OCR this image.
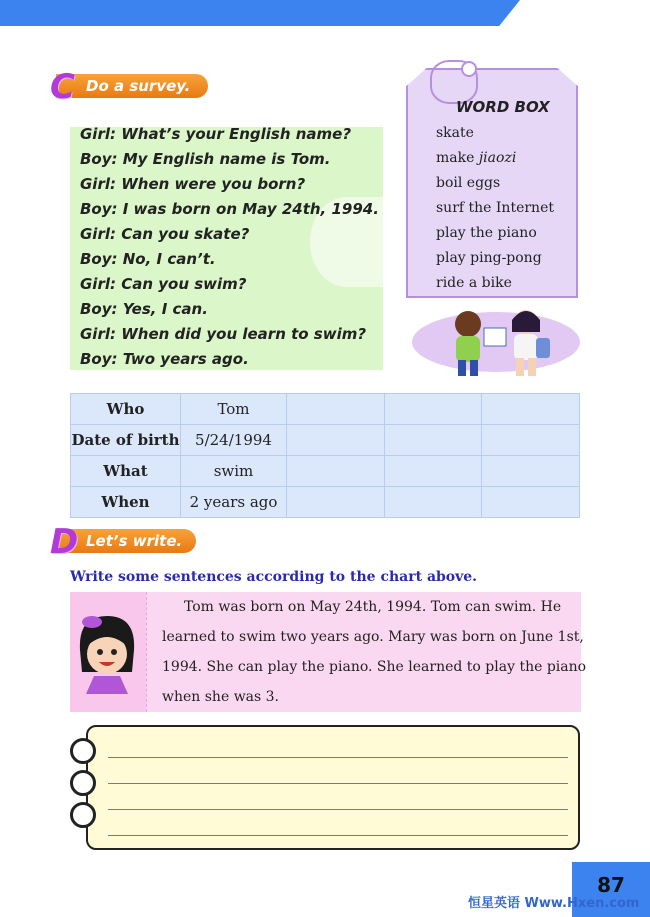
Do a survey.
C
Girl: What’s your English name?
Boy: My English name is Tom.
Girl: When were you born?
Boy: I was born on May 24th, 1994.
Girl: Can you skate?
Boy: No, I can’t.
Girl: Can you swim?
Boy: Yes, I can.
Girl: When did you learn to swim?
Boy: Two years ago.
WORD BOX
skate
make jiaozi
boil eggs
surf the Internet
play the piano
play ping-pong
ride a bike
Who	Tom			
Date of birth	5/24/1994			
What	swim			
When	2 years ago			
Let’s write.
D
Write some sentences according to the chart above.
Tom was born on May 24th, 1994. Tom can swim. He
learned to swim two years ago. Mary was born on June 1st,
1994. She can play the piano. She learned to play the piano
when she was 3.
87
恒星英语 Www.Hxen.com
